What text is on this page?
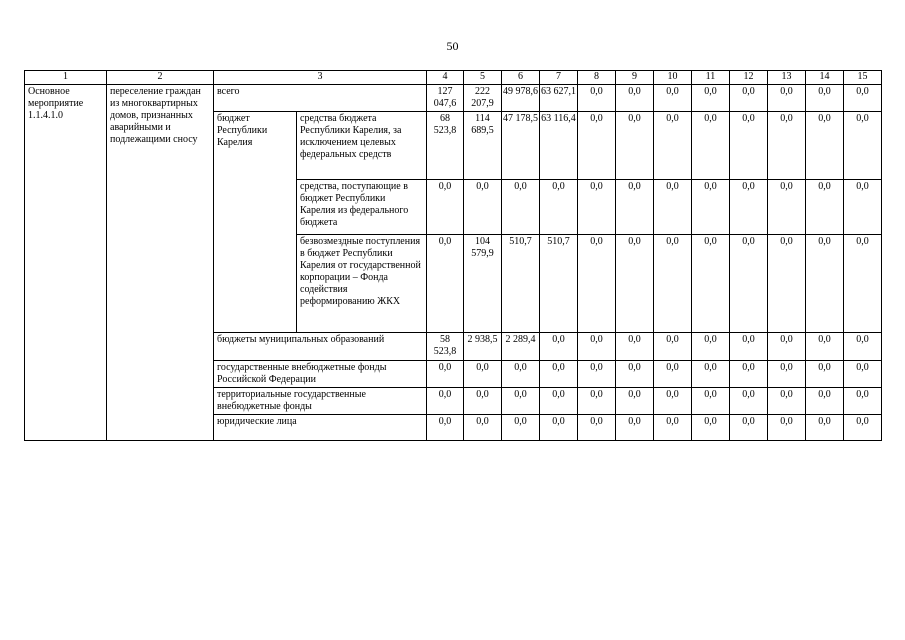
50
1	2	3		4	5	6	7	8	9	10	11	12	13	14	15
Основное мероприятие 1.1.4.1.0	переселение граждан из многоквартирных домов, признанных аварийными и подлежащими сносу	всего		127 047,6	222 207,9	49 978,6	63 627,1	0,0	0,0	0,0	0,0	0,0	0,0	0,0	0,0
		бюджет Республики Карелия	средства бюджета Республики Карелия, за исключением целевых федеральных средств	68 523,8	114 689,5	47 178,5	63 116,4	0,0	0,0	0,0	0,0	0,0	0,0	0,0	0,0
			средства, поступающие в бюджет Республики Карелия из федерального бюджета	0,0	0,0	0,0	0,0	0,0	0,0	0,0	0,0	0,0	0,0	0,0	0,0
			безвозмездные поступления в бюджет Республики Карелия от государственной корпорации – Фонда содействия реформированию ЖКХ	0,0	104 579,9	510,7	510,7	0,0	0,0	0,0	0,0	0,0	0,0	0,0	0,0
		бюджеты муниципальных образований		58 523,8	2 938,5	2 289,4	0,0	0,0	0,0	0,0	0,0	0,0	0,0	0,0	0,0
		государственные внебюджетные фонды Российской Федерации		0,0	0,0	0,0	0,0	0,0	0,0	0,0	0,0	0,0	0,0	0,0	0,0
		территориальные государственные внебюджетные фонды		0,0	0,0	0,0	0,0	0,0	0,0	0,0	0,0	0,0	0,0	0,0	0,0
		юридические лица		0,0	0,0	0,0	0,0	0,0	0,0	0,0	0,0	0,0	0,0	0,0	0,0
